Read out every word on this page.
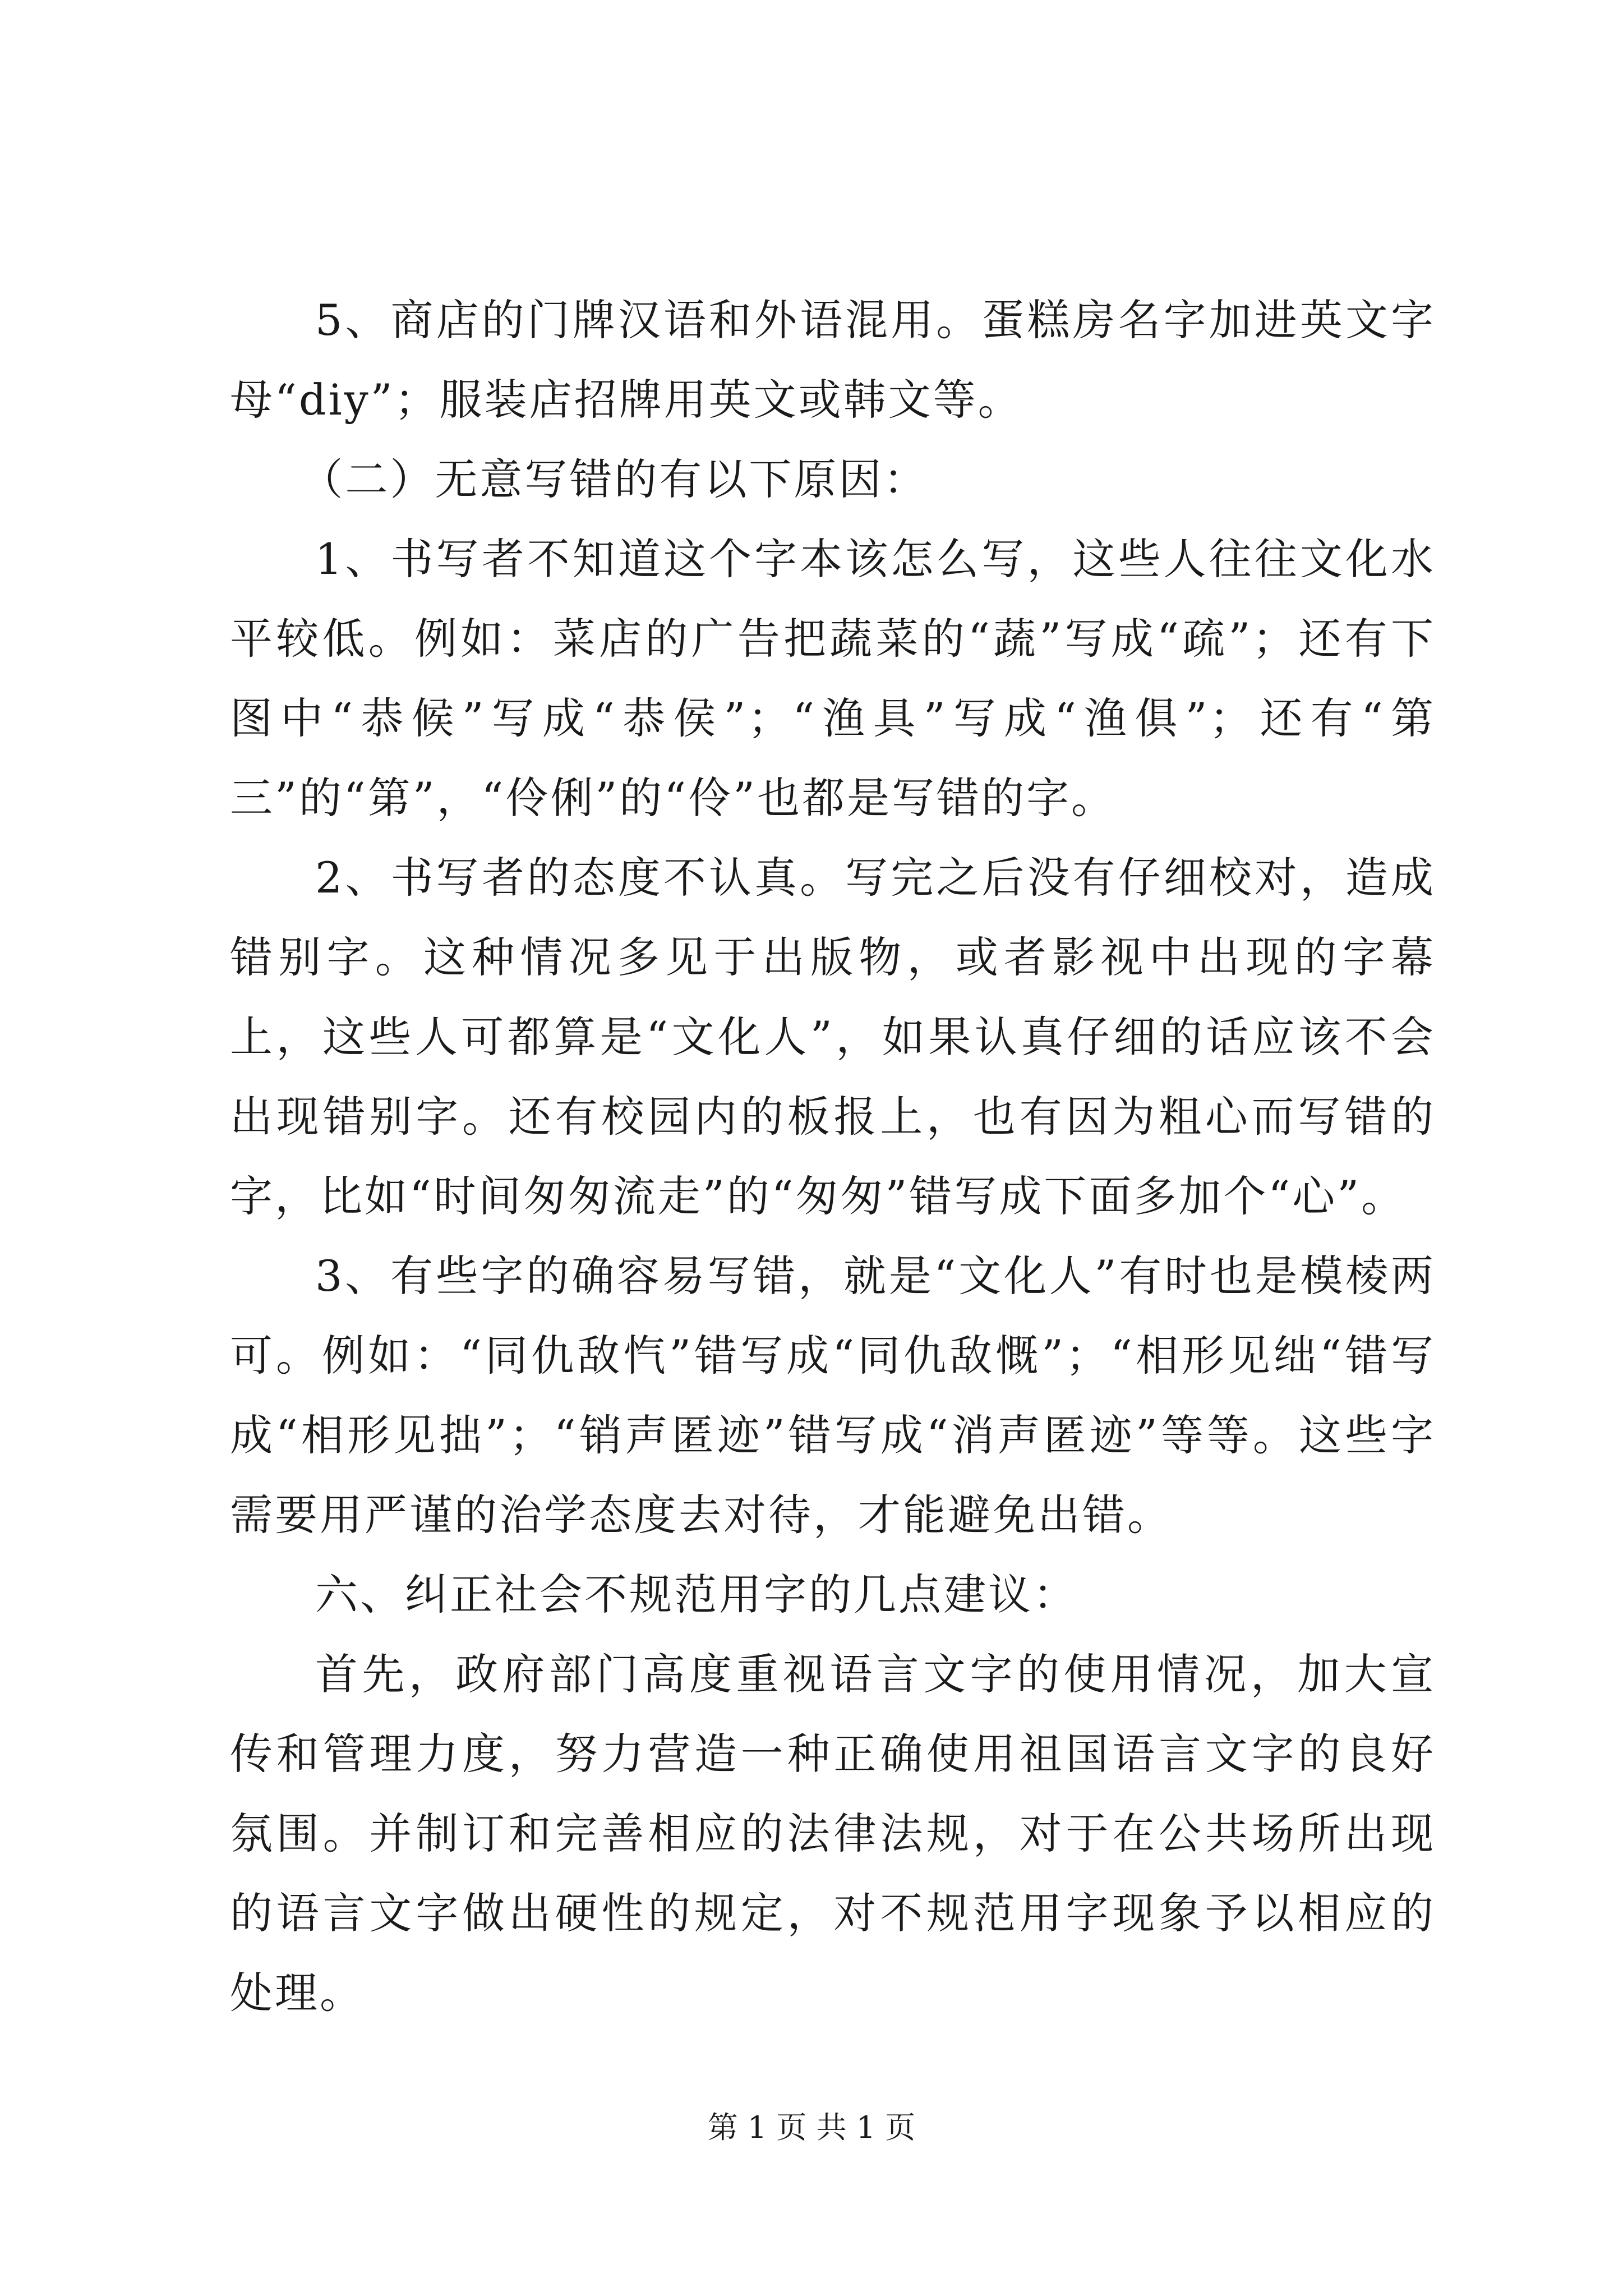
5、商店的门牌汉语和外语混用。蛋糕房名字加进英文字母“diy”；服装店招牌用英文或韩文等。

（二）无意写错的有以下原因：

1、书写者不知道这个字本该怎么写，这些人往往文化水平较低。例如：菜店的广告把蔬菜的“蔬”写成“疏”；还有下图中“恭候”写成“恭侯”；“渔具”写成“渔俱”；还有“第三”的“第”，“伶俐”的“伶”也都是写错的字。

2、书写者的态度不认真。写完之后没有仔细校对，造成错别字。这种情况多见于出版物，或者影视中出现的字幕上，这些人可都算是“文化人”，如果认真仔细的话应该不会出现错别字。还有校园内的板报上，也有因为粗心而写错的字，比如“时间匆匆流走”的“匆匆”错写成下面多加个“心”。

3、有些字的确容易写错，就是“文化人”有时也是模棱两可。例如：“同仇敌忾”错写成“同仇敌慨”；“相形见绌“错写成“相形见拙”；“销声匿迹”错写成“消声匿迹”等等。这些字需要用严谨的治学态度去对待，才能避免出错。

六、纠正社会不规范用字的几点建议：

首先，政府部门高度重视语言文字的使用情况，加大宣传和管理力度，努力营造一种正确使用祖国语言文字的良好氛围。并制订和完善相应的法律法规，对于在公共场所出现的语言文字做出硬性的规定，对不规范用字现象予以相应的处理。

第 1 页 共 1 页
